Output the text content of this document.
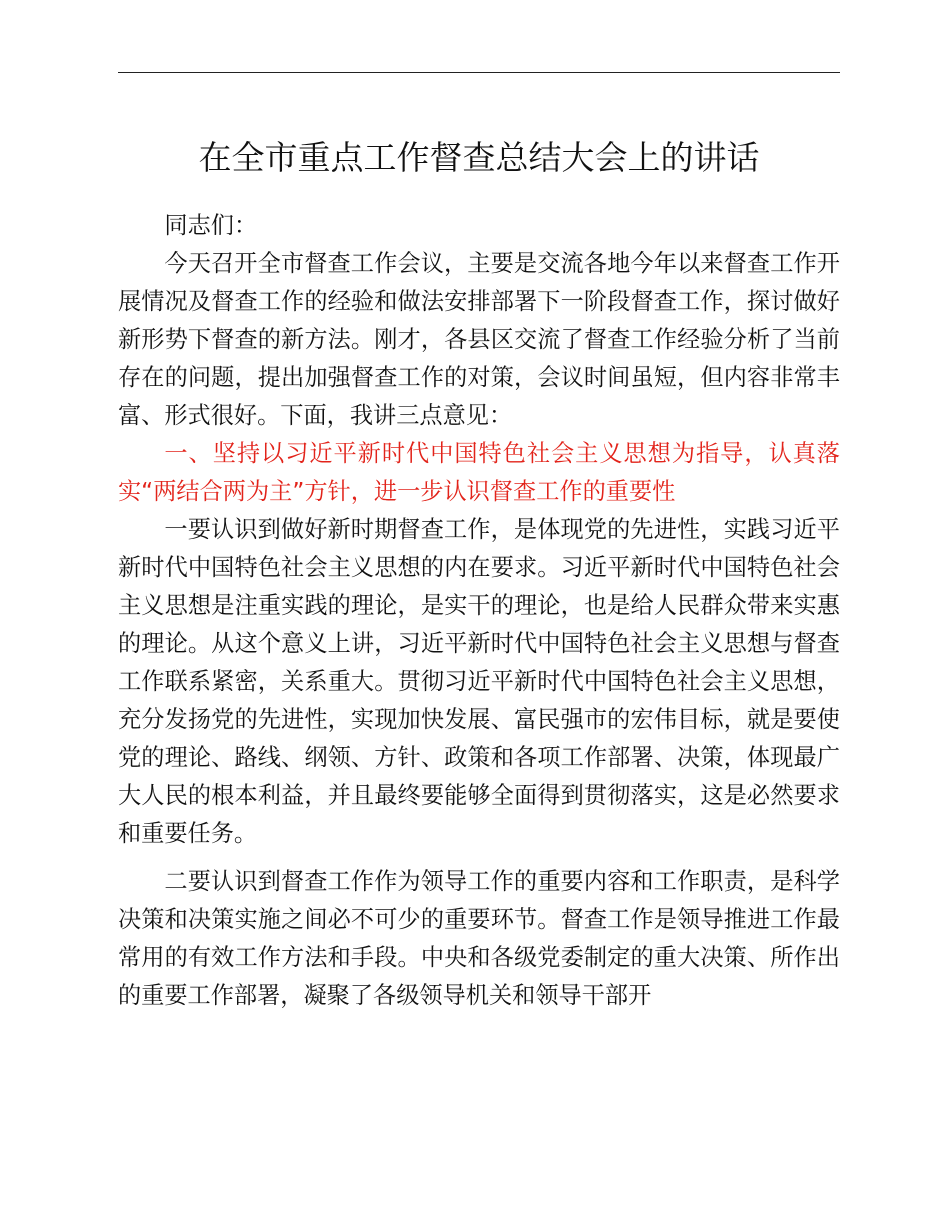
在全市重点工作督查总结大会上的讲话

同志们：

今天召开全市督查工作会议，主要是交流各地今年以来督查工作开展情况及督查工作的经验和做法安排部署下一阶段督查工作，探讨做好新形势下督查的新方法。刚才，各县区交流了督查工作经验分析了当前存在的问题，提出加强督查工作的对策，会议时间虽短，但内容非常丰富、形式很好。下面，我讲三点意见：

一、坚持以习近平新时代中国特色社会主义思想为指导，认真落实“两结合两为主”方针，进一步认识督查工作的重要性

一要认识到做好新时期督查工作，是体现党的先进性，实践习近平新时代中国特色社会主义思想的内在要求。习近平新时代中国特色社会主义思想是注重实践的理论，是实干的理论，也是给人民群众带来实惠的理论。从这个意义上讲，习近平新时代中国特色社会主义思想与督查工作联系紧密，关系重大。贯彻习近平新时代中国特色社会主义思想，充分发扬党的先进性，实现加快发展、富民强市的宏伟目标，就是要使党的理论、路线、纲领、方针、政策和各项工作部署、决策，体现最广大人民的根本利益，并且最终要能够全面得到贯彻落实，这是必然要求和重要任务。

二要认识到督查工作作为领导工作的重要内容和工作职责，是科学决策和决策实施之间必不可少的重要环节。督查工作是领导推进工作最常用的有效工作方法和手段。中央和各级党委制定的重大决策、所作出的重要工作部署，凝聚了各级领导机关和领导干部开
